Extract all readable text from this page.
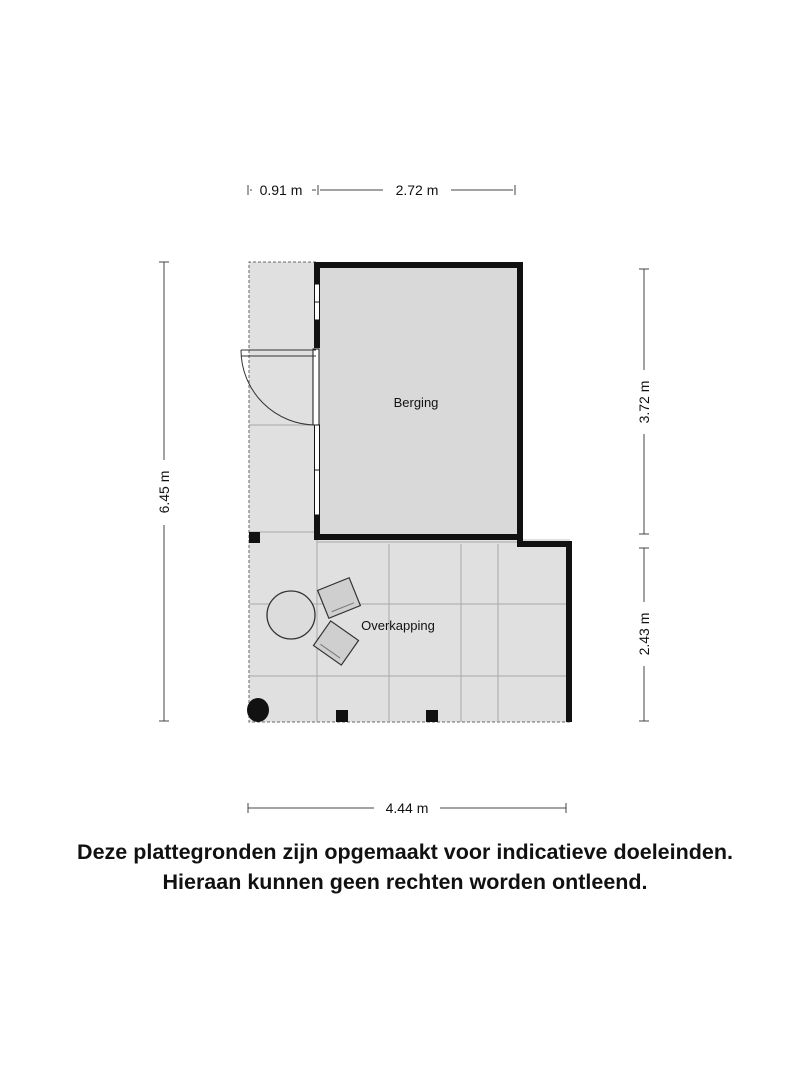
Berging
Overkapping
0.91 m	2.72 m
6.45 m
3.72 m
2.43 m
4.44 m
Deze plattegronden zijn opgemaakt voor indicatieve doeleinden.
Hieraan kunnen geen rechten worden ontleend.
